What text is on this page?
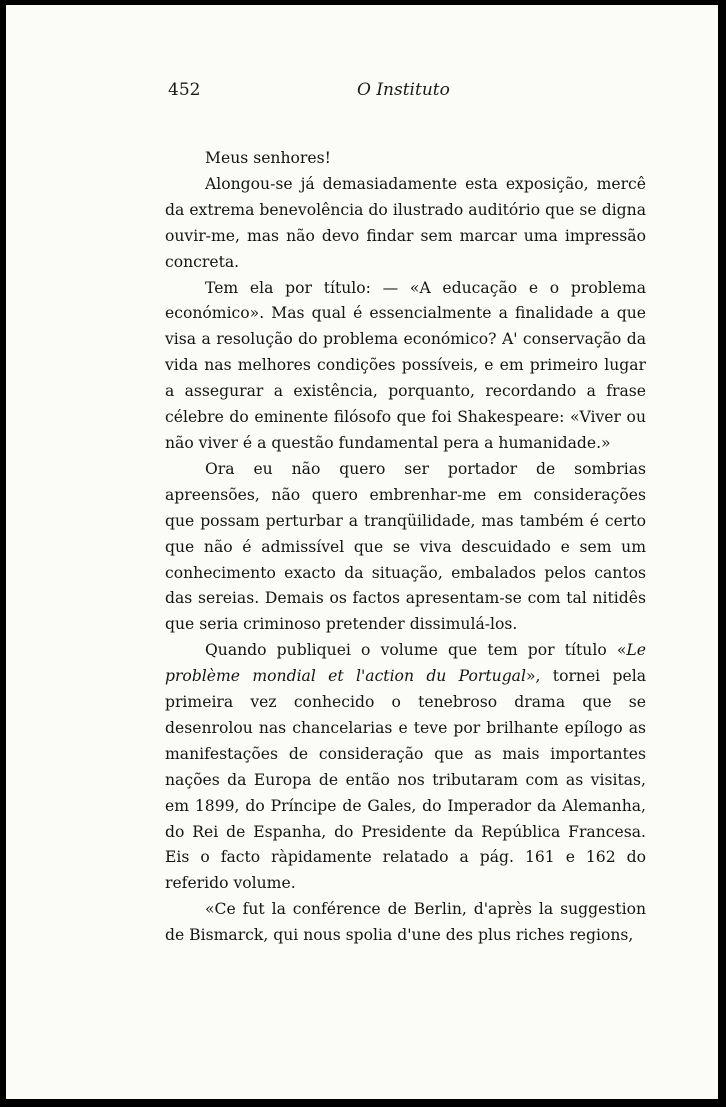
452	O Instituto

Meus senhores!

Alongou-se já demasiadamente esta exposição, mercê da extrema benevolência do ilustrado auditório que se digna ouvir-me, mas não devo findar sem marcar uma impressão concreta.

Tem ela por título: — «A educação e o problema económico». Mas qual é essencialmente a finalidade a que visa a resolução do problema económico? A' conservação da vida nas melhores condições possíveis, e em primeiro lugar a assegurar a existência, porquanto, recordando a frase célebre do eminente filósofo que foi Shakespeare: «Viver ou não viver é a questão fundamental pera a humanidade.»

Ora eu não quero ser portador de sombrias apreensões, não quero embrenhar-me em considerações que possam perturbar a tranqüilidade, mas também é certo que não é admissível que se viva descuidado e sem um conhecimento exacto da situação, embalados pelos cantos das sereias. Demais os factos apresentam-se com tal nitidês que seria criminoso pretender dissimulá-los.

Quando publiquei o volume que tem por título «Le problème mondial et l'action du Portugal», tornei pela primeira vez conhecido o tenebroso drama que se desenrolou nas chancelarias e teve por brilhante epílogo as manifestações de consideração que as mais importantes nações da Europa de então nos tributaram com as visitas, em 1899, do Príncipe de Gales, do Imperador da Alemanha, do Rei de Espanha, do Presidente da República Francesa. Eis o facto ràpidamente relatado a pág. 161 e 162 do referido volume.

«Ce fut la conférence de Berlin, d'après la suggestion de Bismarck, qui nous spolia d'une des plus riches regions,
